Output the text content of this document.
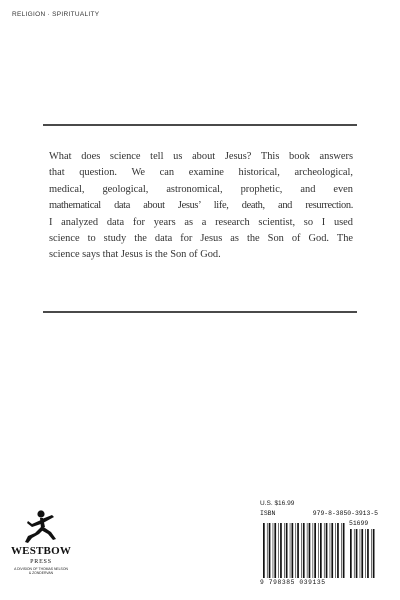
RELIGION · SPIRITUALITY
What does science tell us about Jesus? This book answers
that question. We can examine historical, archeological,
medical, geological, astronomical, prophetic, and even
mathematical data about Jesus’ life, death, and resurrection.
I analyzed data for years as a research scientist, so I used
science to study the data for Jesus as the Son of God. The
science says that Jesus is the Son of God.
WESTBOW
PRESS
A DIVISION OF THOMAS NELSON
& ZONDERVAN
U.S. $16.99
ISBN	979-8-3850-3913-5
51699
9 798385 039135
